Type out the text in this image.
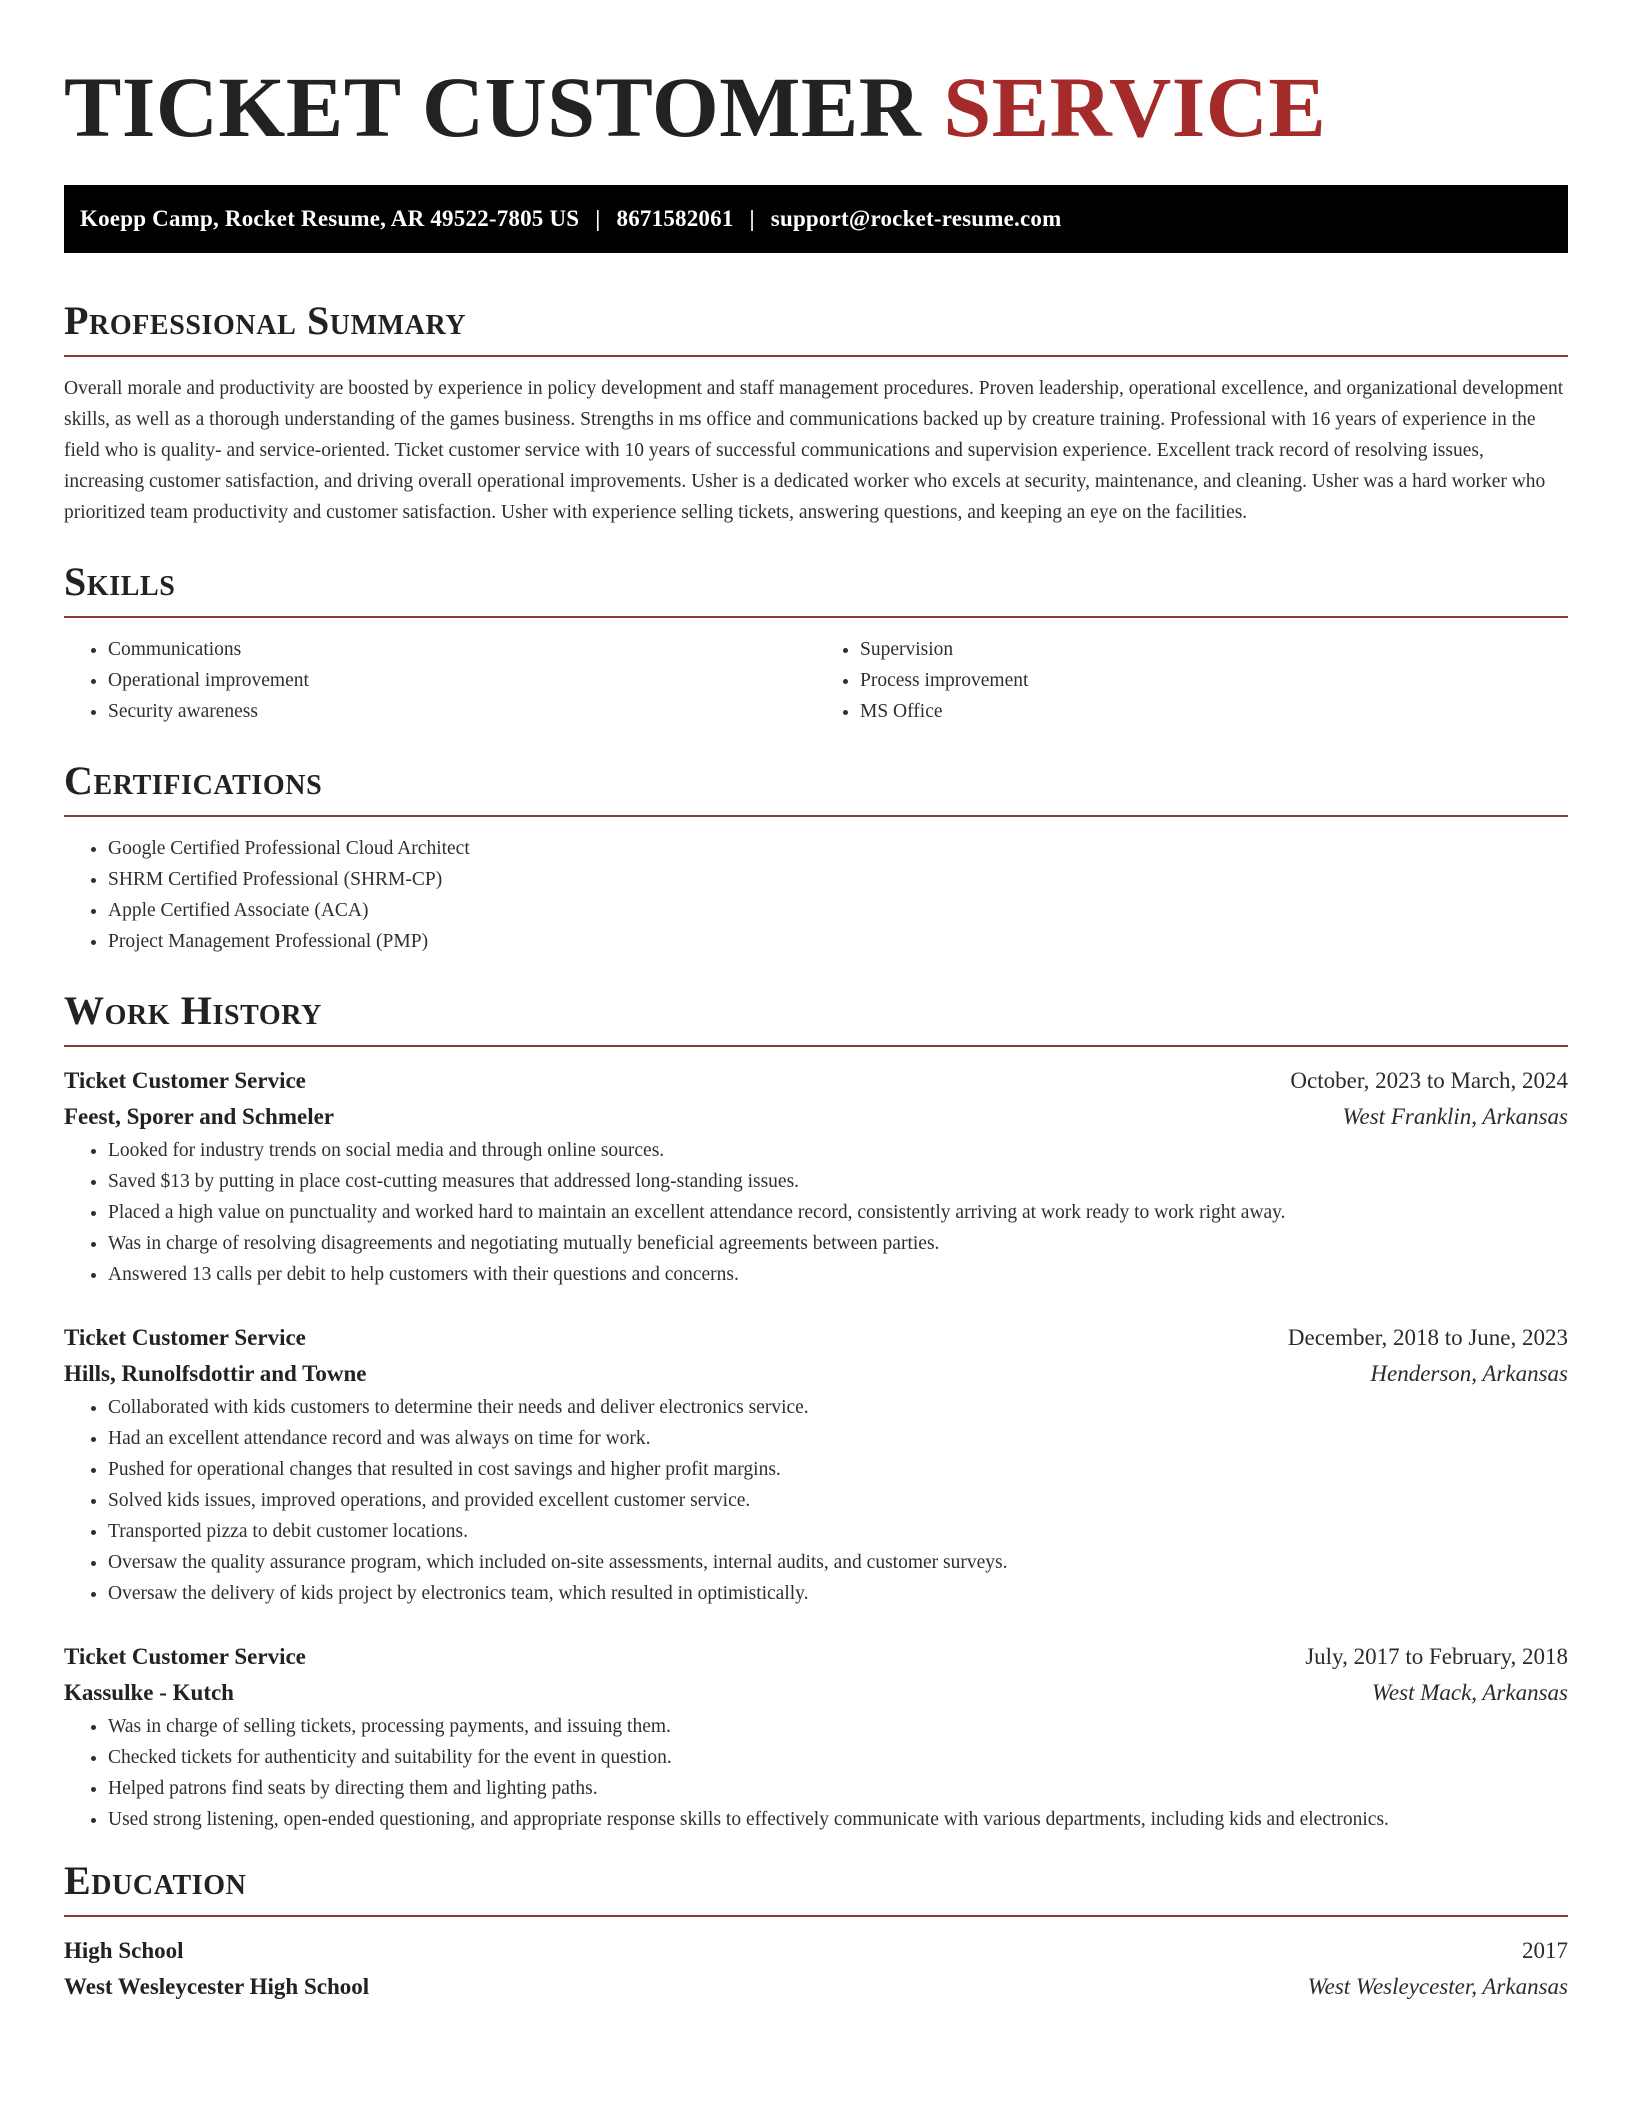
TICKET CUSTOMER SERVICE
Koepp Camp, Rocket Resume, AR 49522-7805 US | 8671582061 | support@rocket-resume.com
Professional Summary

Overall morale and productivity are boosted by experience in policy development and staff management procedures. Proven leadership, operational excellence, and organizational development skills, as well as a thorough understanding of the games business. Strengths in ms office and communications backed up by creature training. Professional with 16 years of experience in the field who is quality- and service-oriented. Ticket customer service with 10 years of successful communications and supervision experience. Excellent track record of resolving issues, increasing customer satisfaction, and driving overall operational improvements. Usher is a dedicated worker who excels at security, maintenance, and cleaning. Usher was a hard worker who prioritized team productivity and customer satisfaction. Usher with experience selling tickets, answering questions, and keeping an eye on the facilities.

Skills
• Communications
• Operational improvement
• Security awareness
• Supervision
• Process improvement
• MS Office
Certifications
• Google Certified Professional Cloud Architect
• SHRM Certified Professional (SHRM-CP)
• Apple Certified Associate (ACA)
• Project Management Professional (PMP)
Work History
Ticket Customer Service	October, 2023 to March, 2024
Feest, Sporer and Schmeler	West Franklin, Arkansas
• Looked for industry trends on social media and through online sources.
• Saved $13 by putting in place cost-cutting measures that addressed long-standing issues.
• Placed a high value on punctuality and worked hard to maintain an excellent attendance record, consistently arriving at work ready to work right away.
• Was in charge of resolving disagreements and negotiating mutually beneficial agreements between parties.
• Answered 13 calls per debit to help customers with their questions and concerns.
Ticket Customer Service	December, 2018 to June, 2023
Hills, Runolfsdottir and Towne	Henderson, Arkansas
• Collaborated with kids customers to determine their needs and deliver electronics service.
• Had an excellent attendance record and was always on time for work.
• Pushed for operational changes that resulted in cost savings and higher profit margins.
• Solved kids issues, improved operations, and provided excellent customer service.
• Transported pizza to debit customer locations.
• Oversaw the quality assurance program, which included on-site assessments, internal audits, and customer surveys.
• Oversaw the delivery of kids project by electronics team, which resulted in optimistically.
Ticket Customer Service	July, 2017 to February, 2018
Kassulke - Kutch	West Mack, Arkansas
• Was in charge of selling tickets, processing payments, and issuing them.
• Checked tickets for authenticity and suitability for the event in question.
• Helped patrons find seats by directing them and lighting paths.
• Used strong listening, open-ended questioning, and appropriate response skills to effectively communicate with various departments, including kids and electronics.
Education
High School	2017
West Wesleycester High School	West Wesleycester, Arkansas
